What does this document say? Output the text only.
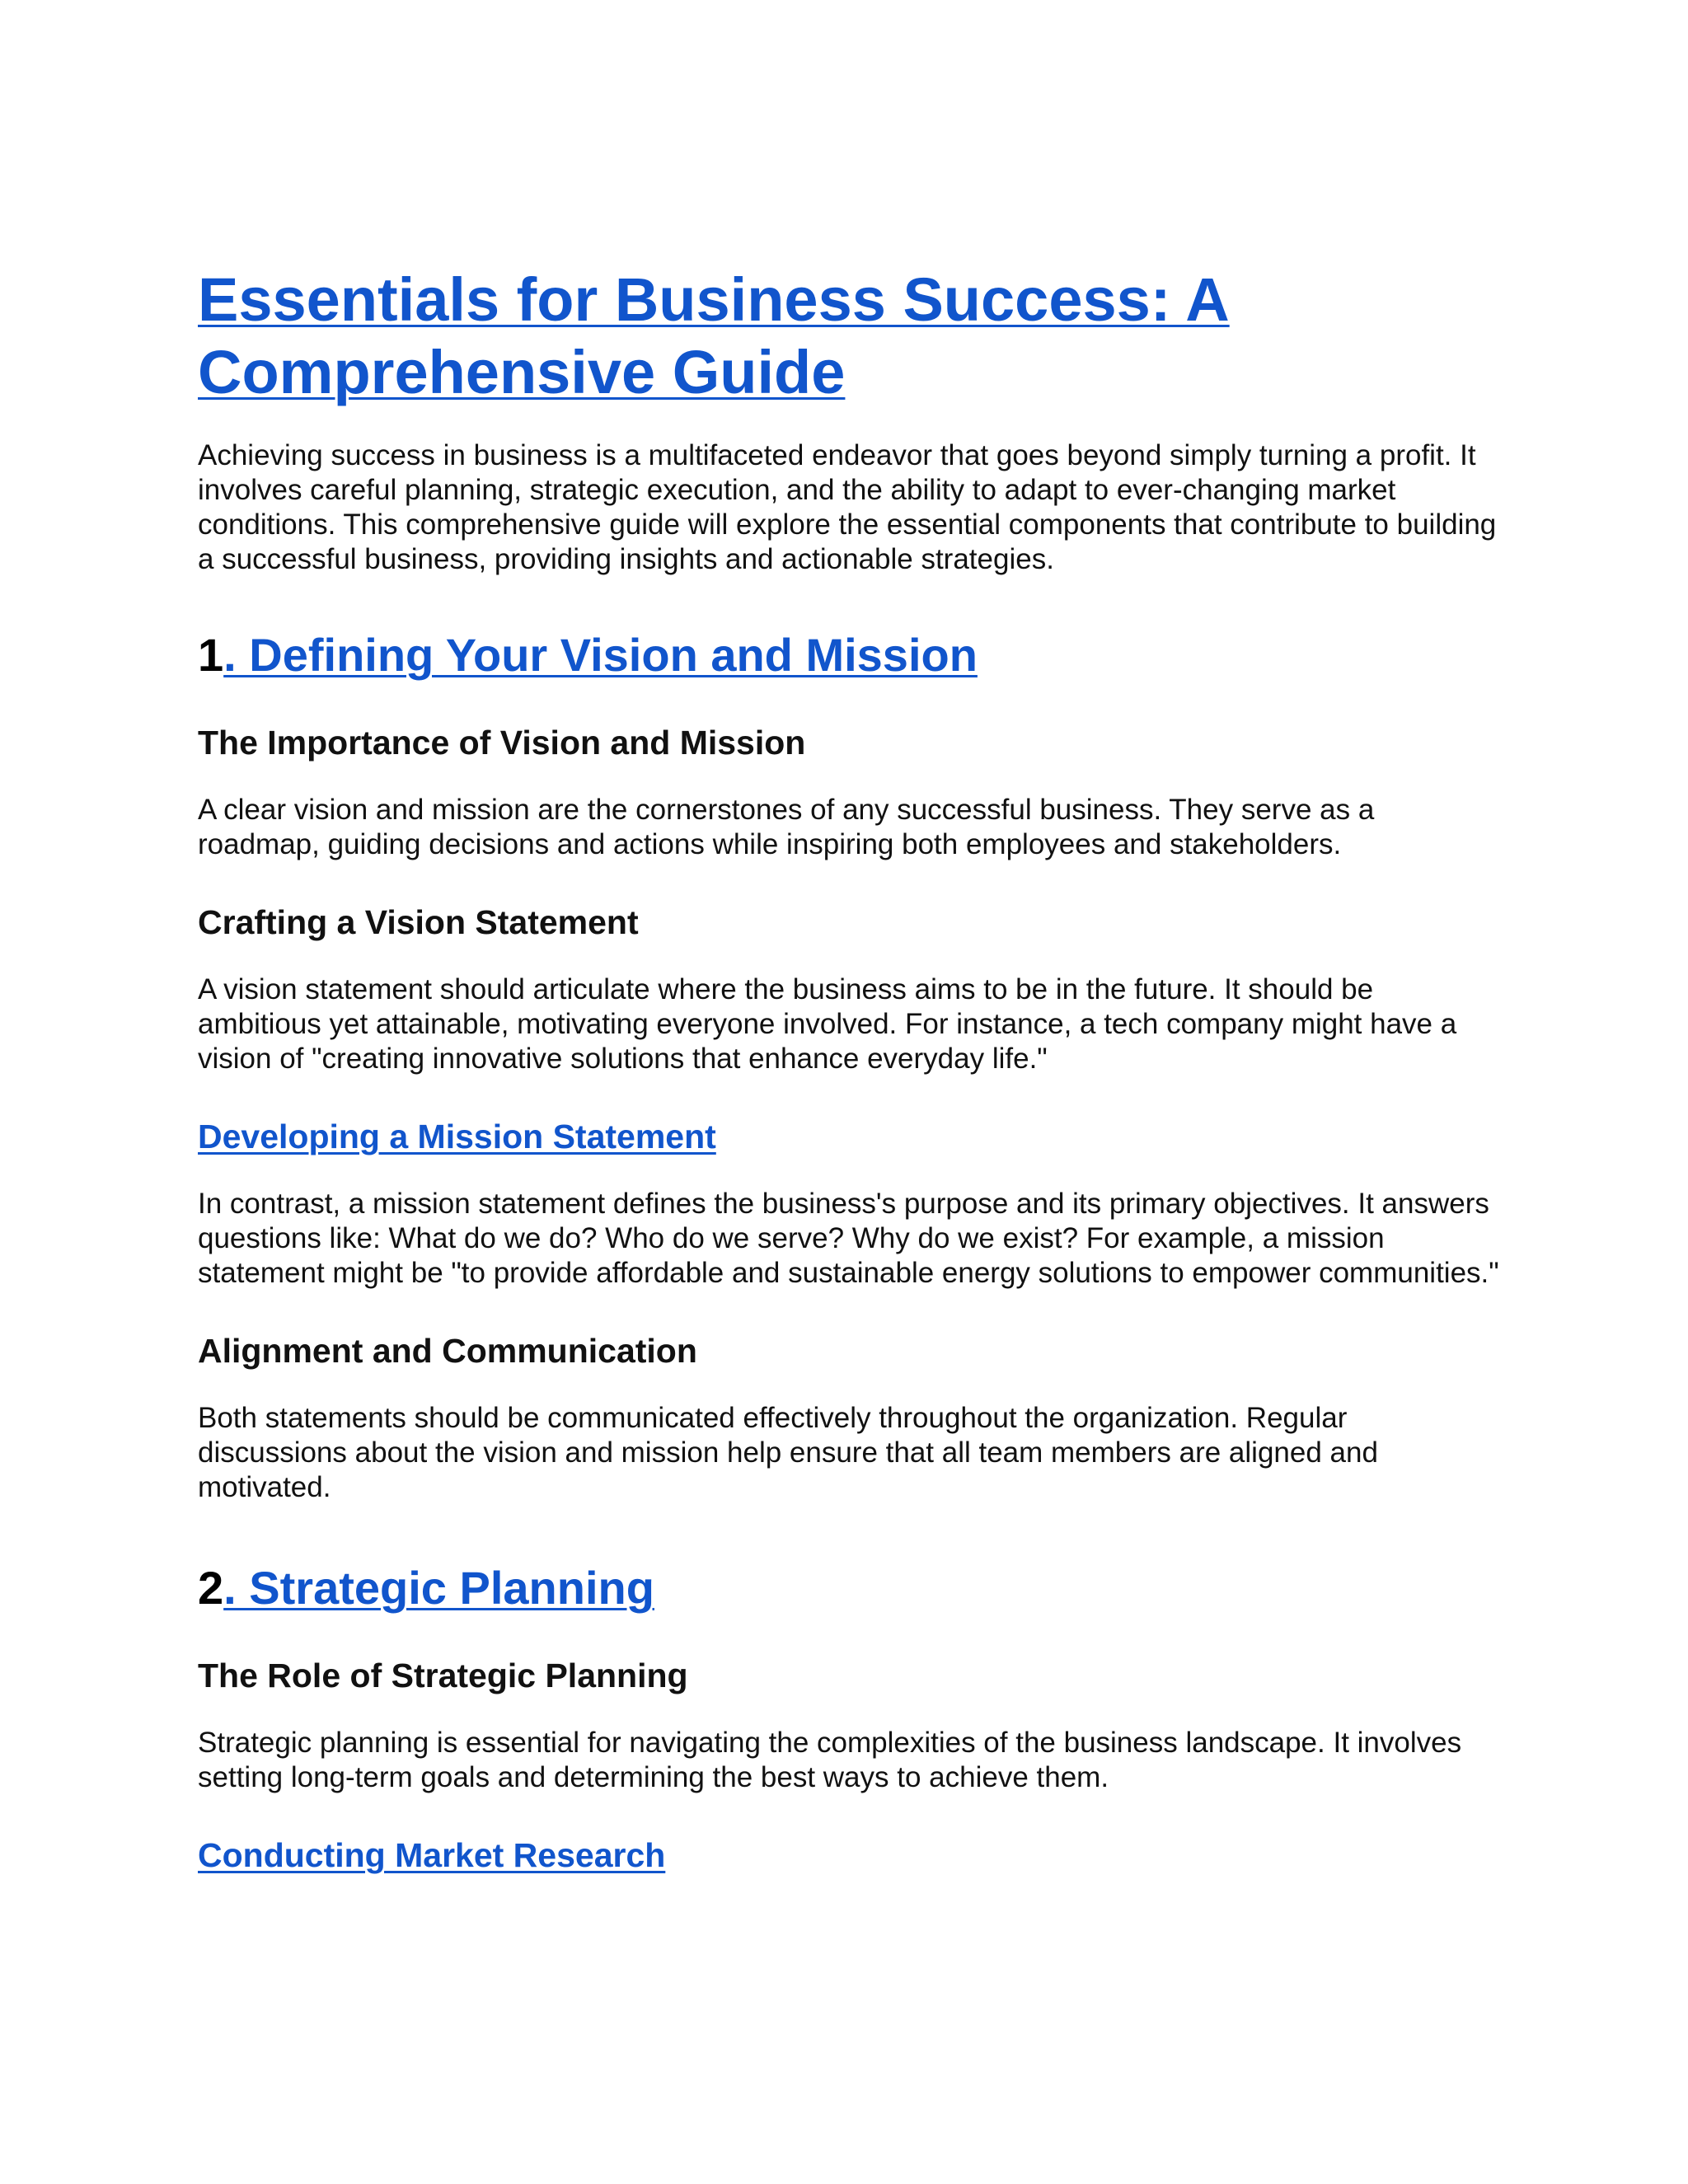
Essentials for Business Success: A Comprehensive Guide

Achieving success in business is a multifaceted endeavor that goes beyond simply turning a profit. It involves careful planning, strategic execution, and the ability to adapt to ever-changing market conditions. This comprehensive guide will explore the essential components that contribute to building a successful business, providing insights and actionable strategies.

1. Defining Your Vision and Mission
The Importance of Vision and Mission

A clear vision and mission are the cornerstones of any successful business. They serve as a roadmap, guiding decisions and actions while inspiring both employees and stakeholders.

Crafting a Vision Statement

A vision statement should articulate where the business aims to be in the future. It should be ambitious yet attainable, motivating everyone involved. For instance, a tech company might have a vision of "creating innovative solutions that enhance everyday life."

Developing a Mission Statement

In contrast, a mission statement defines the business's purpose and its primary objectives. It answers questions like: What do we do? Who do we serve? Why do we exist? For example, a mission statement might be "to provide affordable and sustainable energy solutions to empower communities."

Alignment and Communication

Both statements should be communicated effectively throughout the organization. Regular discussions about the vision and mission help ensure that all team members are aligned and motivated.

2. Strategic Planning
The Role of Strategic Planning

Strategic planning is essential for navigating the complexities of the business landscape. It involves setting long-term goals and determining the best ways to achieve them.

Conducting Market Research
